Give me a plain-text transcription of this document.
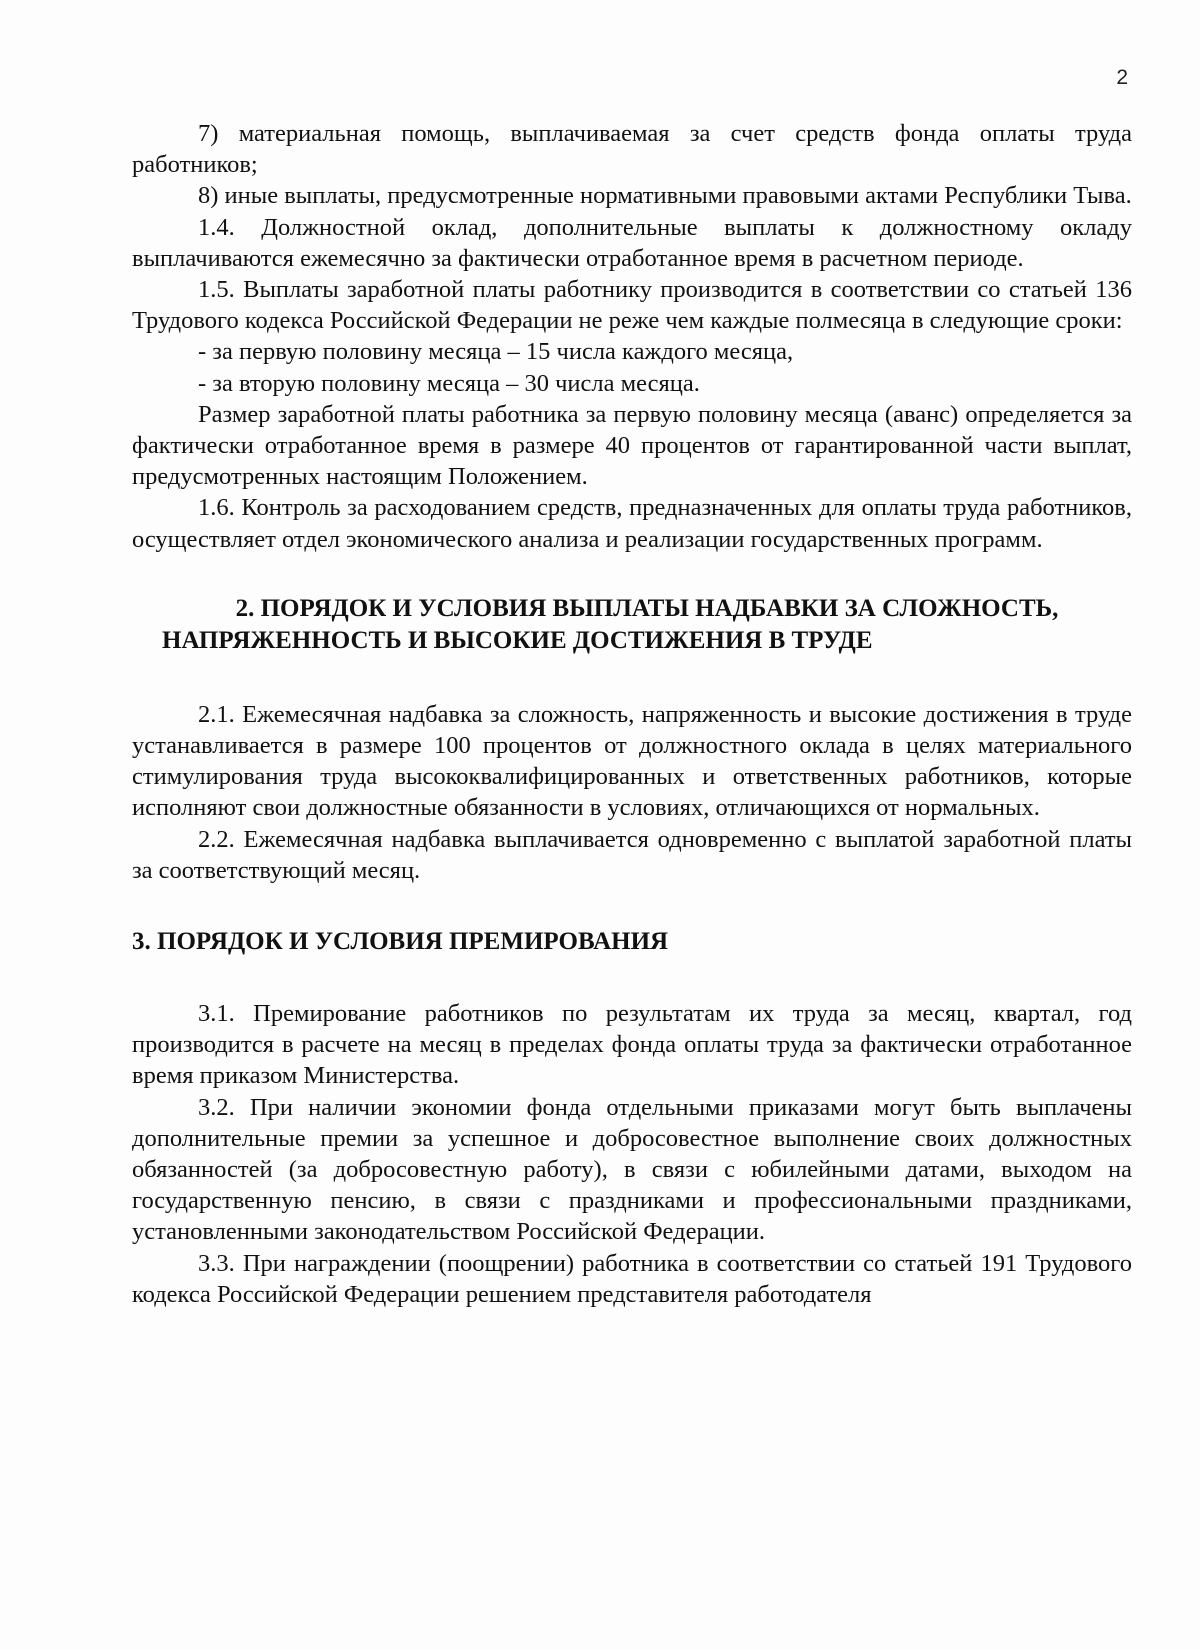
2

7) материальная помощь, выплачиваемая за счет средств фонда оплаты труда работников;

8) иные выплаты, предусмотренные нормативными правовыми актами Республики Тыва.

1.4. Должностной оклад, дополнительные выплаты к должностному окладу выплачиваются ежемесячно за фактически отработанное время в расчетном периоде.

1.5. Выплаты заработной платы работнику производится в соответствии со статьей 136 Трудового кодекса Российской Федерации не реже чем каждые полмесяца в следующие сроки:

- за первую половину месяца – 15 числа каждого месяца,

- за вторую половину месяца – 30 числа месяца.

Размер заработной платы работника за первую половину месяца (аванс) определяется за фактически отработанное время в размере 40 процентов от гарантированной части выплат, предусмотренных настоящим Положением.

1.6. Контроль за расходованием средств, предназначенных для оплаты труда работников, осуществляет отдел экономического анализа и реализации государственных программ.

2. ПОРЯДОК И УСЛОВИЯ ВЫПЛАТЫ НАДБАВКИ ЗА СЛОЖНОСТЬ, НАПРЯЖЕННОСТЬ И ВЫСОКИЕ ДОСТИЖЕНИЯ В ТРУДЕ

2.1. Ежемесячная надбавка за сложность, напряженность и высокие достижения в труде устанавливается в размере 100 процентов от должностного оклада в целях материального стимулирования труда высококвалифицированных и ответственных работников, которые исполняют свои должностные обязанности в условиях, отличающихся от нормальных.

2.2. Ежемесячная надбавка выплачивается одновременно с выплатой заработной платы за соответствующий месяц.

3. ПОРЯДОК И УСЛОВИЯ ПРЕМИРОВАНИЯ

3.1. Премирование работников по результатам их труда за месяц, квартал, год производится в расчете на месяц в пределах фонда оплаты труда за фактически отработанное время приказом Министерства.

3.2. При наличии экономии фонда отдельными приказами могут быть выплачены дополнительные премии за успешное и добросовестное выполнение своих должностных обязанностей (за добросовестную работу), в связи с юбилейными датами, выходом на государственную пенсию, в связи с праздниками и профессиональными праздниками, установленными законодательством Российской Федерации.

3.3. При награждении (поощрении) работника в соответствии со статьей 191 Трудового кодекса Российской Федерации решением представителя работодателя
